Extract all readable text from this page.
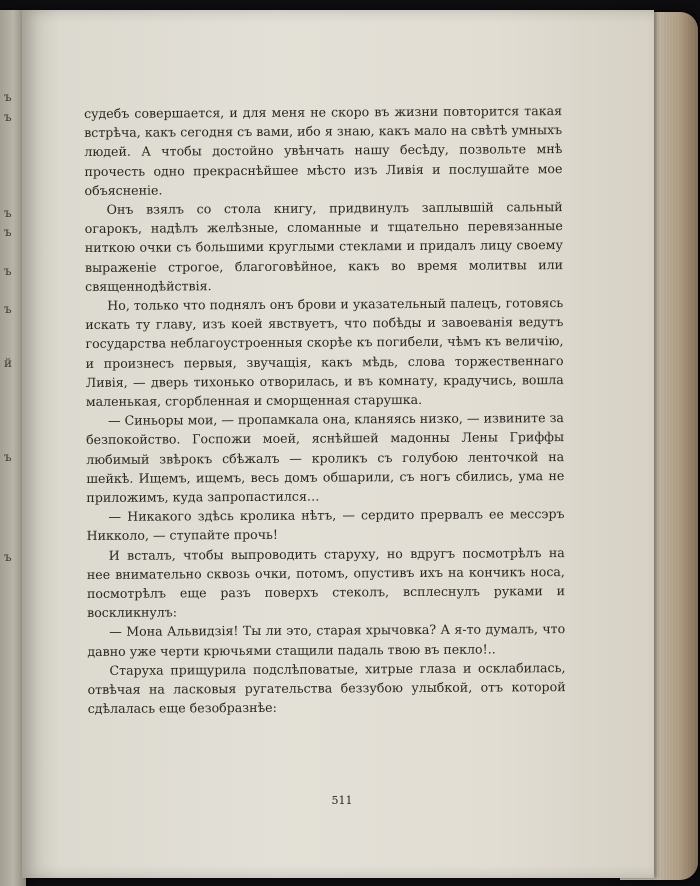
ъ
ъ
ъ
ъ
ъ
ъ
й
ъ
ъ

судебъ совершается, и для меня не скоро въ жизни повторится такая встрѣча, какъ сегодня съ вами, ибо я знаю, какъ мало на свѣтѣ умныхъ людей. А чтобы достойно увѣнчать нашу бесѣду, позвольте мнѣ прочесть одно прекраснѣйшее мѣсто изъ Ливія и послушайте мое объясненіе.

Онъ взялъ со стола книгу, придвинулъ заплывшій сальный огарокъ, надѣлъ желѣзные, сломанные и тщательно перевязанные ниткою очки съ большими круглыми стеклами и придалъ лицу своему выраженіе строгое, благоговѣйное, какъ во время молитвы или священнодѣйствія.

Но, только что поднялъ онъ брови и указательный палецъ, готовясь искать ту главу, изъ коей явствуетъ, что побѣды и завоеванія ведутъ государства неблагоустроенныя скорѣе къ погибели, чѣмъ къ величію, и произнесъ первыя, звучащія, какъ мѣдь, слова торжественнаго Ливія, — дверь тихонько отворилась, и въ комнату, крадучись, вошла маленькая, сгорбленная и сморщенная старушка.

— Синьоры мои, — пропамкала она, кланяясь низко, — извините за безпокойство. Госпожи моей, яснѣйшей мадонны Лены Гриффы любимый звѣрокъ сбѣжалъ — кроликъ съ голубою ленточкой на шейкѣ. Ищемъ, ищемъ, весь домъ обшарили, съ ногъ сбились, ума не приложимъ, куда запропастился…

— Никакого здѣсь кролика нѣтъ, — сердито прервалъ ее мессэръ Никколо, — ступайте прочь!

И всталъ, чтобы выпроводить старуху, но вдругъ посмотрѣлъ на нее внимательно сквозь очки, потомъ, опустивъ ихъ на кончикъ носа, посмотрѣлъ еще разъ поверхъ стеколъ, всплеснулъ руками и воскликнулъ:

— Мона Альвидзія! Ты ли это, старая хрычовка? А я-то думалъ, что давно уже черти крючьями стащили падаль твою въ пекло!..

Старуха прищурила подслѣповатые, хитрые глаза и осклабилась, отвѣчая на ласковыя ругательства беззубою улыбкой, отъ которой сдѣлалась еще безобразнѣе:

511
